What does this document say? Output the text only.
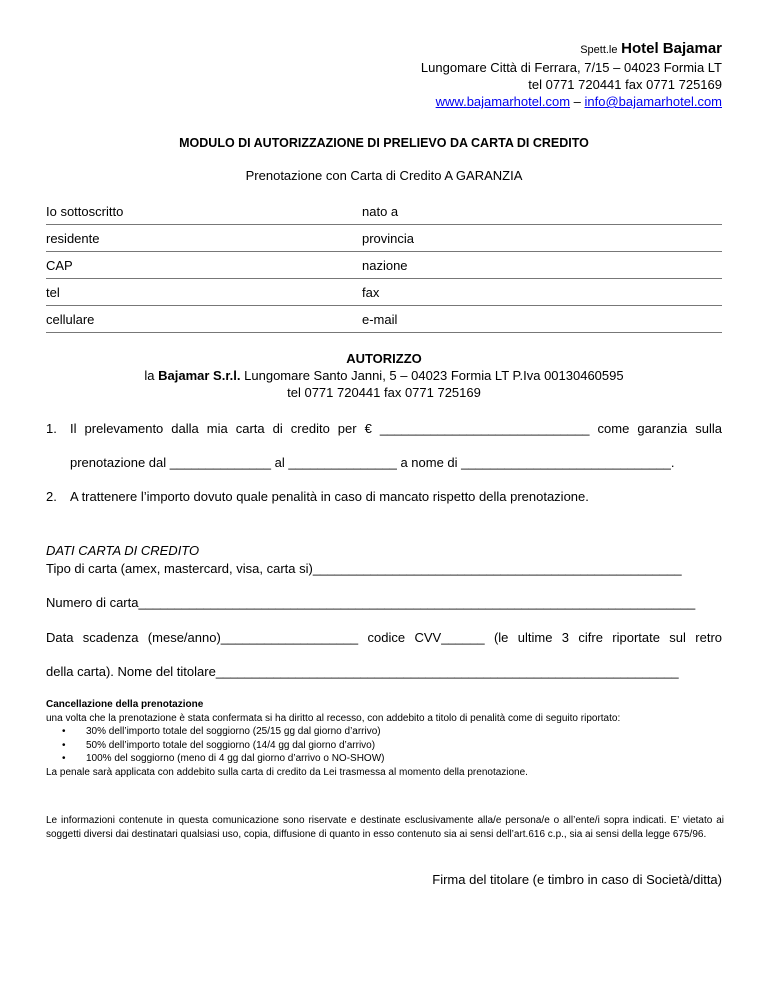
Spett.le Hotel Bajamar
Lungomare Città di Ferrara, 7/15 – 04023 Formia LT
tel 0771 720441 fax 0771 725169
www.bajamarhotel.com – info@bajamarhotel.com
MODULO DI AUTORIZZAZIONE DI PRELIEVO DA CARTA DI CREDITO
Prenotazione con Carta di Credito A GARANZIA
Io sottoscritto	nato a
residente	provincia
CAP	nazione
tel	fax
cellulare	e-mail
AUTORIZZO
la Bajamar S.r.l. Lungomare Santo Janni, 5 – 04023 Formia LT P.Iva 00130460595
tel 0771 720441 fax 0771 725169
1. Il prelevamento dalla mia carta di credito per € _____________________________ come garanzia sulla
prenotazione dal ______________ al _______________ a nome di _____________________________.
2. A trattenere l’importo dovuto quale penalità in caso di mancato rispetto della prenotazione.
DATI CARTA DI CREDITO
Tipo di carta (amex, mastercard, visa, carta si)___________________________________________________
Numero di carta_____________________________________________________________________________
Data scadenza (mese/anno)___________________ codice CVV______ (le ultime 3 cifre riportate sul retro
della carta). Nome del titolare________________________________________________________________
Cancellazione della prenotazione

una volta che la prenotazione è stata confermata si ha diritto al recesso, con addebito a titolo di penalità come di seguito riportato:

• 30% dell’importo totale del soggiorno (25/15 gg dal giorno d’arrivo)
• 50% dell’importo totale del soggiorno (14/4 gg dal giorno d’arrivo)
• 100% del soggiorno (meno di 4 gg dal giorno d’arrivo o NO-SHOW)

La penale sarà applicata con addebito sulla carta di credito da Lei trasmessa al momento della prenotazione.

Le informazioni contenute in questa comunicazione sono riservate e destinate esclusivamente alla/e persona/e o all’ente/i sopra indicati. E’ vietato ai soggetti diversi dai destinatari qualsiasi uso, copia, diffusione di quanto in esso contenuto sia ai sensi dell’art.616 c.p., sia ai sensi della legge 675/96.

Firma del titolare (e timbro in caso di Società/ditta)
